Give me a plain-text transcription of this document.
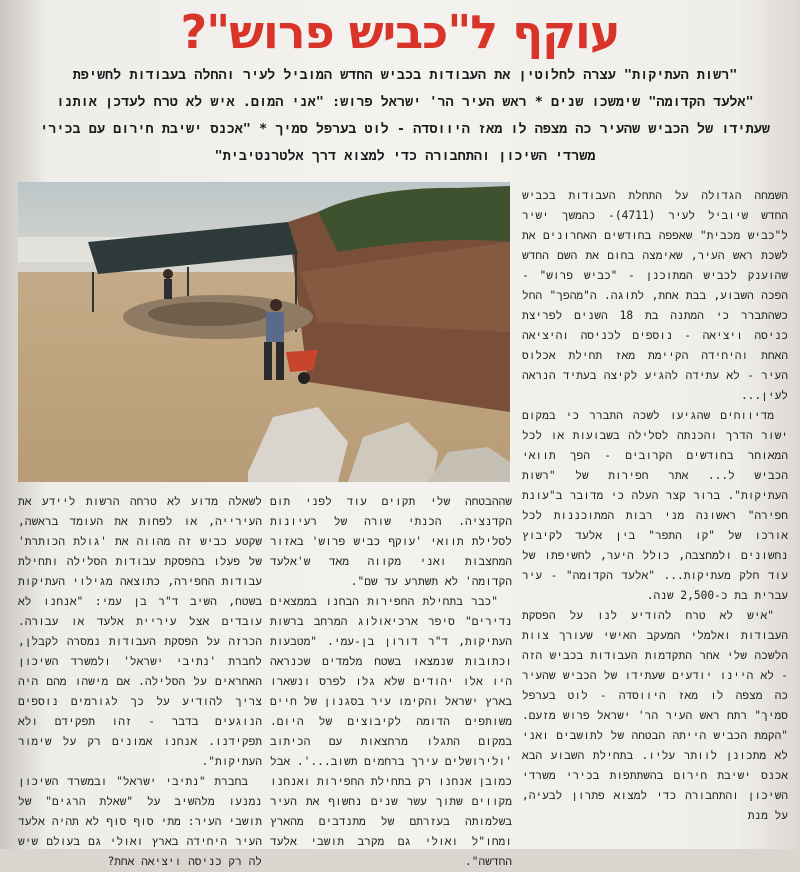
עוקף ל"כביש פרוש"?
"רשות העתיקות" עצרה לחלוטין את העבודות בכביש החדש המוביל לעיר והחלה בעבודות לחשיפת
"אלעד הקדומה" שימשכו שנים * ראש העיר הר' ישראל פרוש: "אני המום. איש לא טרח לעדכן אותנו
שעתידו של הכביש שהעיר כה מצפה לו מאז היווסדה - לוט בערפל סמיך * "אכנס ישיבת חירום עם בכירי
משרדי השיכון והתחבורה כדי למצוא דרך אלטרנטיבית"

השמחה הגדולה על התחלת העבודות בכביש החדש שיוביל לעיר (4711)- כהמשך ישיר ל"כביש מכבית" שאפפה בחודשים האחרונים את לשכת ראש העיר, שאימצה בחום את השם החדש שהוענק לכביש המתוכנן - "כביש פרוש" - הפכה השבוע, בבת אחת, לתוגה. ה"מהפך" החל כשהתברר כי המתנה בת 18 השנים לפריצת כניסה ויציאה - נוספים לכניסה והיציאה האחת והיחידה הקיימת מאז תחילת אכלוס העיר - לא עתידה להגיע לקיצה בעתיד הנראה לעין...

מדיווחים שהגיעו לשכה התברר כי במקום ישור הדרך והכנתה לסלילה בשבועות או לכל המאוחר בחודשים הקרובים - הפך תוואי הכביש ל... אתר חפירות של "רשות העתיקות". ברור קצר העלה כי מדובר ב"עונת חפירה" ראשונה מני רבות המתוכננות לכל אורכו של "קו התפר" בין אלעד לקיבוץ נחשונים ולמחצבה, כולל היער, לחשיפתו של עוד חלק מעתיקות... "אלעד הקדומה" - עיר עברית בת כ-2,500 שנה.

"איש לא טרח להודיע לנו על הפסקת העבודות ואלמלי המעקב האישי שעורך צוות הלשכה שלי אחר התקדמות העבודות בכביש הזה - לא היינו יודעים שעתידו של הכביש שהעיר כה מצפה לו מאז היווסדה - לוט בערפל סמיך" רתח ראש העיר הר' ישראל פרוש מזעם. "הקמת הכביש הייתה הבטחה של לתושבים ואני לא מתכונן לוותר עליו. בתחילת השבוע הבא אכנס ישיבת חירום בהשתתפות בכירי משרדי השיכון והתחבורה כדי למצוא פתרון לבעיה, על מנת

שההבטחה שלי תקוים עוד לפני תום הקדנציה. הכנתי שורה של רעיונות לסלילת תוואי 'עוקף כביש פרוש' באזור המחצבות ואני מקווה מאד ש'אלעד הקדומה' לא תשתרע עד שם".

"כבר בתחילת החפירות הבחנו בממצאים נדירים" סיפר ארכיאולוג המרחב ברשות העתיקות, ד"ר דורון בן-עמי. "מטבעות וכתובות שנמצאו בשטח מלמדים שכנראה היו אלו יהודים שלא גלו לפרס ונשארו בארץ ישראל והקימו עיר בסגנון של חיים משותפים הדומה לקיבוצים של היום. במקום התגלו מרחצאות עם הכיתוב 'ולירושלים עירך ברחמים תשוב...'. אבל כמובן אנחנו רק בתחילת החפירות ואנחנו מקווים שתוך עשר שנים נחשוף את העיר בשלמותה בעזרתם של מתנדבים מהארץ ומחו"ל ואולי גם מקרב תושבי אלעד החדשה".

לשאלה מדוע לא טרחה הרשות ליידע את העירייה, או לפחות את העומד בראשה, שקטע כביש זה מהווה את 'גולת הכותרת' של פעלו בהפסקת עבודות הסלילה ותחילת עבודות החפירה, כתוצאה מגילוי העתיקות בשטח, השיב ד"ר בן עמי: "אנחנו לא עובדים אצל עיריית אלעד או עבורה. הכרזה על הפסקת העבודות נמסרה לקבלן, לחברת 'נתיבי ישראל' ולמשרד השיכון האחראים על הסלילה. אם מישהו מהם היה צריך להודיע על כך לגורמים נוספים הנוגעים בדבר - זהו תפקידם ולא תפקידנו. אנחנו אמונים רק על שימור העתיקות".

בחברת "נתיבי ישראל" ובמשרד השיכון נמנעו מלהשיב על "שאלת הרגים" של תושבי העיר: מתי סוף סוף לא תהיה אלעד העיר היחידה בארץ ואולי גם בעולם שיש לה רק כניסה ויציאה אחת?
